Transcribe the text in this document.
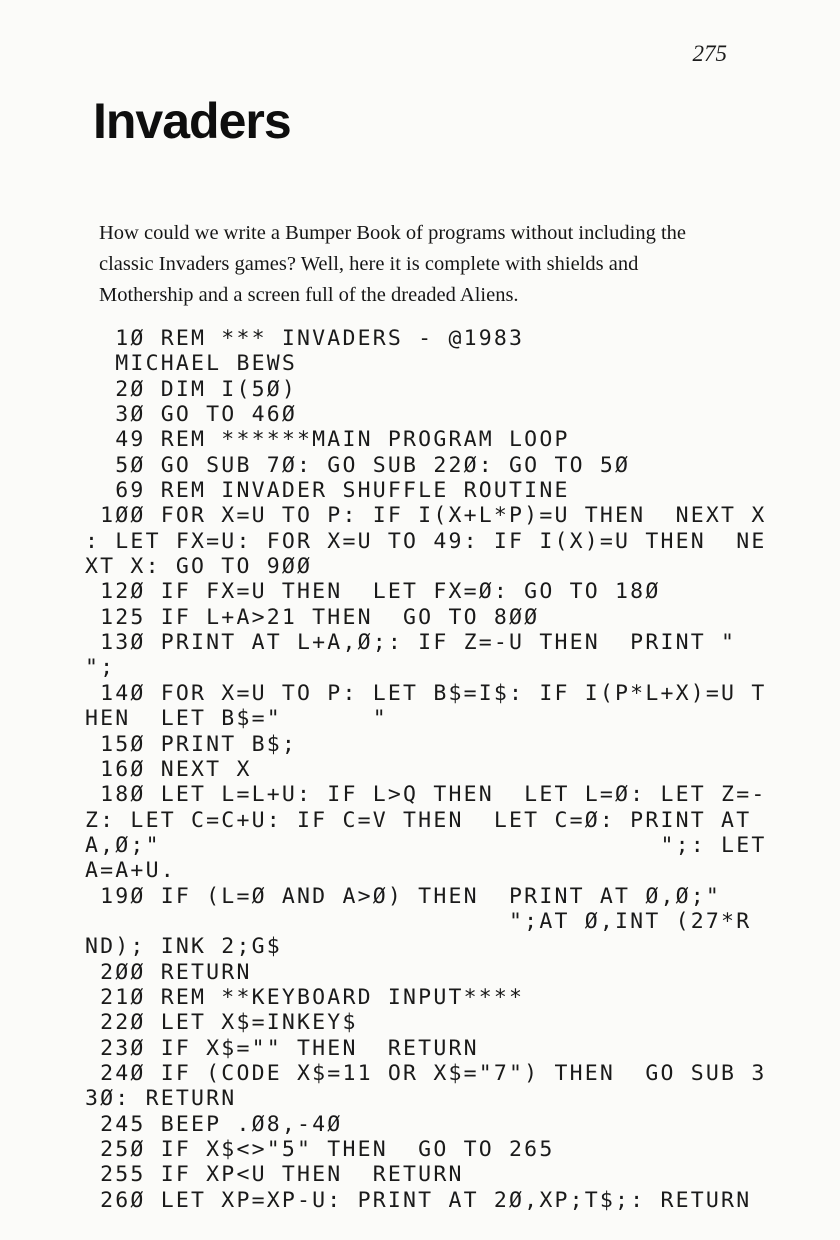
275
Invaders
How could we write a Bumper Book of programs without including the
classic Invaders games? Well, here it is complete with shields and
Mothership and a screen full of the dreaded Aliens.
1Ø REM *** INVADERS - @1983
MICHAEL BEWS
2Ø DIM I(5Ø)
3Ø GO TO 46Ø
49 REM ******MAIN PROGRAM LOOP
5Ø GO SUB 7Ø: GO SUB 22Ø: GO TO 5Ø
69 REM INVADER SHUFFLE ROUTINE
1ØØ FOR X=U TO P: IF I(X+L*P)=U THEN  NEXT X
: LET FX=U: FOR X=U TO 49: IF I(X)=U THEN  NE
XT X: GO TO 9ØØ
12Ø IF FX=U THEN  LET FX=Ø: GO TO 18Ø
125 IF L+A>21 THEN  GO TO 8ØØ
13Ø PRINT AT L+A,Ø;: IF Z=-U THEN  PRINT "
";
14Ø FOR X=U TO P: LET B$=I$: IF I(P*L+X)=U T
HEN  LET B$="      "
15Ø PRINT B$;
16Ø NEXT X
18Ø LET L=L+U: IF L>Q THEN  LET L=Ø: LET Z=-
Z: LET C=C+U: IF C=V THEN  LET C=Ø: PRINT AT
A,Ø;"                                 ";: LET
A=A+U.
19Ø IF (L=Ø AND A>Ø) THEN  PRINT AT Ø,Ø;"
";AT Ø,INT (27*R
ND); INK 2;G$
2ØØ RETURN
21Ø REM **KEYBOARD INPUT****
22Ø LET X$=INKEY$
23Ø IF X$="" THEN  RETURN
24Ø IF (CODE X$=11 OR X$="7") THEN  GO SUB 3
3Ø: RETURN
245 BEEP .Ø8,-4Ø
25Ø IF X$<>"5" THEN  GO TO 265
255 IF XP<U THEN  RETURN
26Ø LET XP=XP-U: PRINT AT 2Ø,XP;T$;: RETURN
